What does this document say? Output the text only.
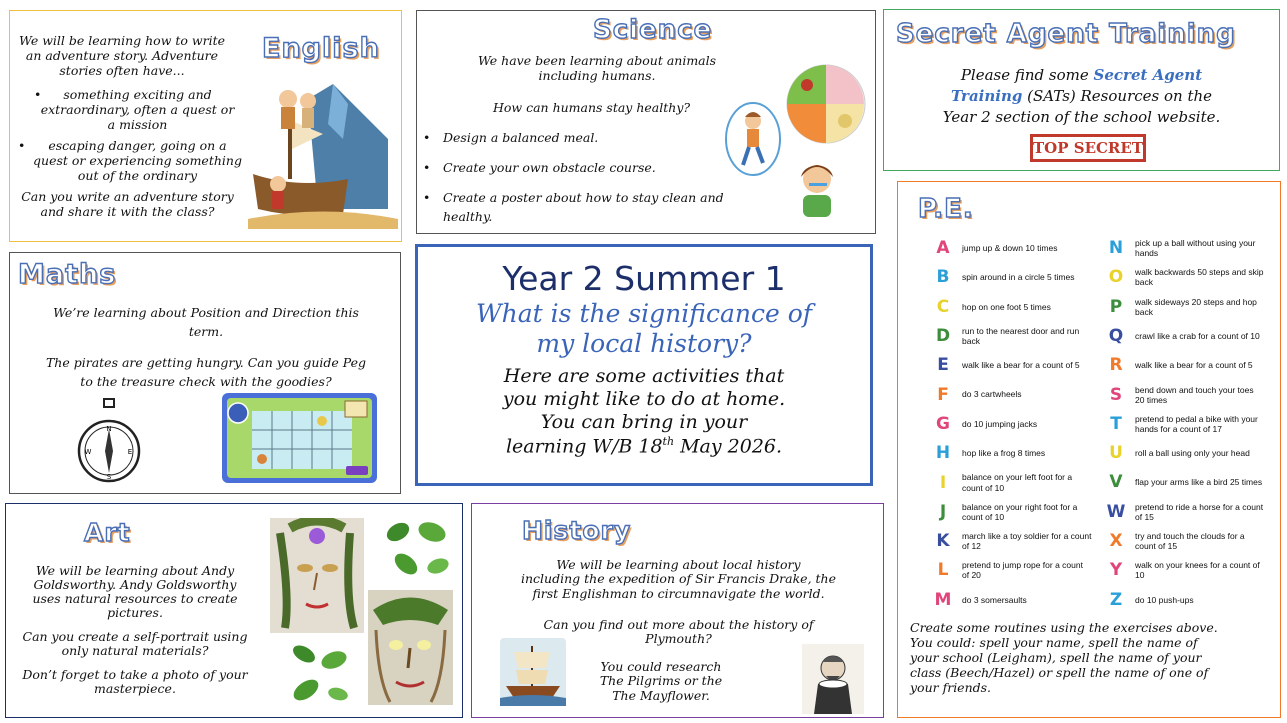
English
We will be learning how to write
an adventure story. Adventure
stories often have...
something exciting and
extraordinary, often a quest or
a mission
escaping danger, going on a
quest or experiencing something
out of the ordinary
•
•
Can you write an adventure story
and share it with the class?
Science
We have been learning about animals
including humans.
How can humans stay healthy?
• Design a balanced meal.
• Create your own obstacle course.
• Create a poster about how to stay clean and
healthy.
Secret Agent Training
Please find some Secret Agent
Training (SATs) Resources on the
Year 2 section of the school website.
TOP SECRET
Maths
We’re learning about Position and Direction this
term.
The pirates are getting hungry. Can you guide Peg
to the treasure check with the goodies?
N
S
W	E
Year 2 Summer 1
What is the significance of
my local history?
Here are some activities that
you might like to do at home.
You can bring in your
learning W/B 18th May 2026.
P.E.
A	jump up & down 10 times
B	spin around in a circle 5 times
C	hop on one foot 5 times
D	run to the nearest door and run back
E	walk like a bear for a count of 5
F	do 3 cartwheels
G	do 10 jumping jacks
H	hop like a frog 8 times
I	balance on your left foot for a count of 10
J	balance on your right foot for a count of 10
K	march like a toy soldier for a count of 12
L	pretend to jump rope for a count of 20
M do 3 somersaults
N	pick up a ball without using your hands
O	walk backwards 50 steps and skip back
P	walk sideways 20 steps and hop back
Q	crawl like a crab for a count of 10
R	walk like a bear for a count of 5
S	bend down and touch your toes 20 times
T	pretend to pedal a bike with your hands for a count of 17
U	roll a ball using only your head
V	flap your arms like a bird 25 times
W pretend to ride a horse for a count of 15
X	try and touch the clouds for a count of 15
Y	walk on your knees for a count of 10
Z	do 10 push-ups
Create some routines using the exercises above.
You could: spell your name, spell the name of
your school (Leigham), spell the name of your
class (Beech/Hazel) or spell the name of one of
your friends.
Art
We will be learning about Andy
Goldsworthy. Andy Goldsworthy
uses natural resources to create
pictures.
Can you create a self-portrait using
only natural materials?
Don’t forget to take a photo of your
masterpiece.
History
We will be learning about local history
including the expedition of Sir Francis Drake, the
first Englishman to circumnavigate the world.
Can you find out more about the history of
Plymouth?
You could research
The Pilgrims or the
The Mayflower.
